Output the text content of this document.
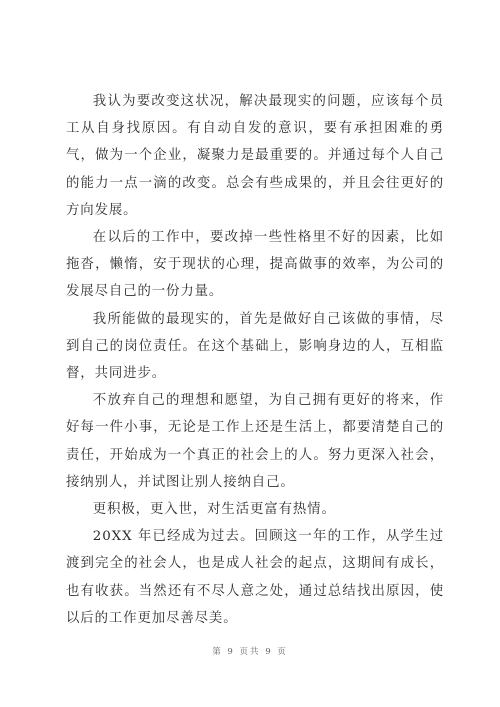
我认为要改变这状况，解决最现实的问题，应该每个员工从自身找原因。有自动自发的意识，要有承担困难的勇气，做为一个企业，凝聚力是最重要的。并通过每个人自己的能力一点一滴的改变。总会有些成果的，并且会往更好的方向发展。

在以后的工作中，要改掉一些性格里不好的因素，比如拖沓，懒惰，安于现状的心理，提高做事的效率，为公司的发展尽自己的一份力量。

我所能做的最现实的，首先是做好自己该做的事情，尽到自己的岗位责任。在这个基础上，影响身边的人，互相监督，共同进步。

不放弃自己的理想和愿望，为自己拥有更好的将来，作好每一件小事，无论是工作上还是生活上，都要清楚自己的责任，开始成为一个真正的社会上的人。努力更深入社会，接纳别人，并试图让别人接纳自己。

更积极，更入世，对生活更富有热情。

20XX 年已经成为过去。回顾这一年的工作，从学生过渡到完全的社会人，也是成人社会的起点，这期间有成长，也有收获。当然还有不尽人意之处，通过总结找出原因，使以后的工作更加尽善尽美。

第 9 页共 9 页
